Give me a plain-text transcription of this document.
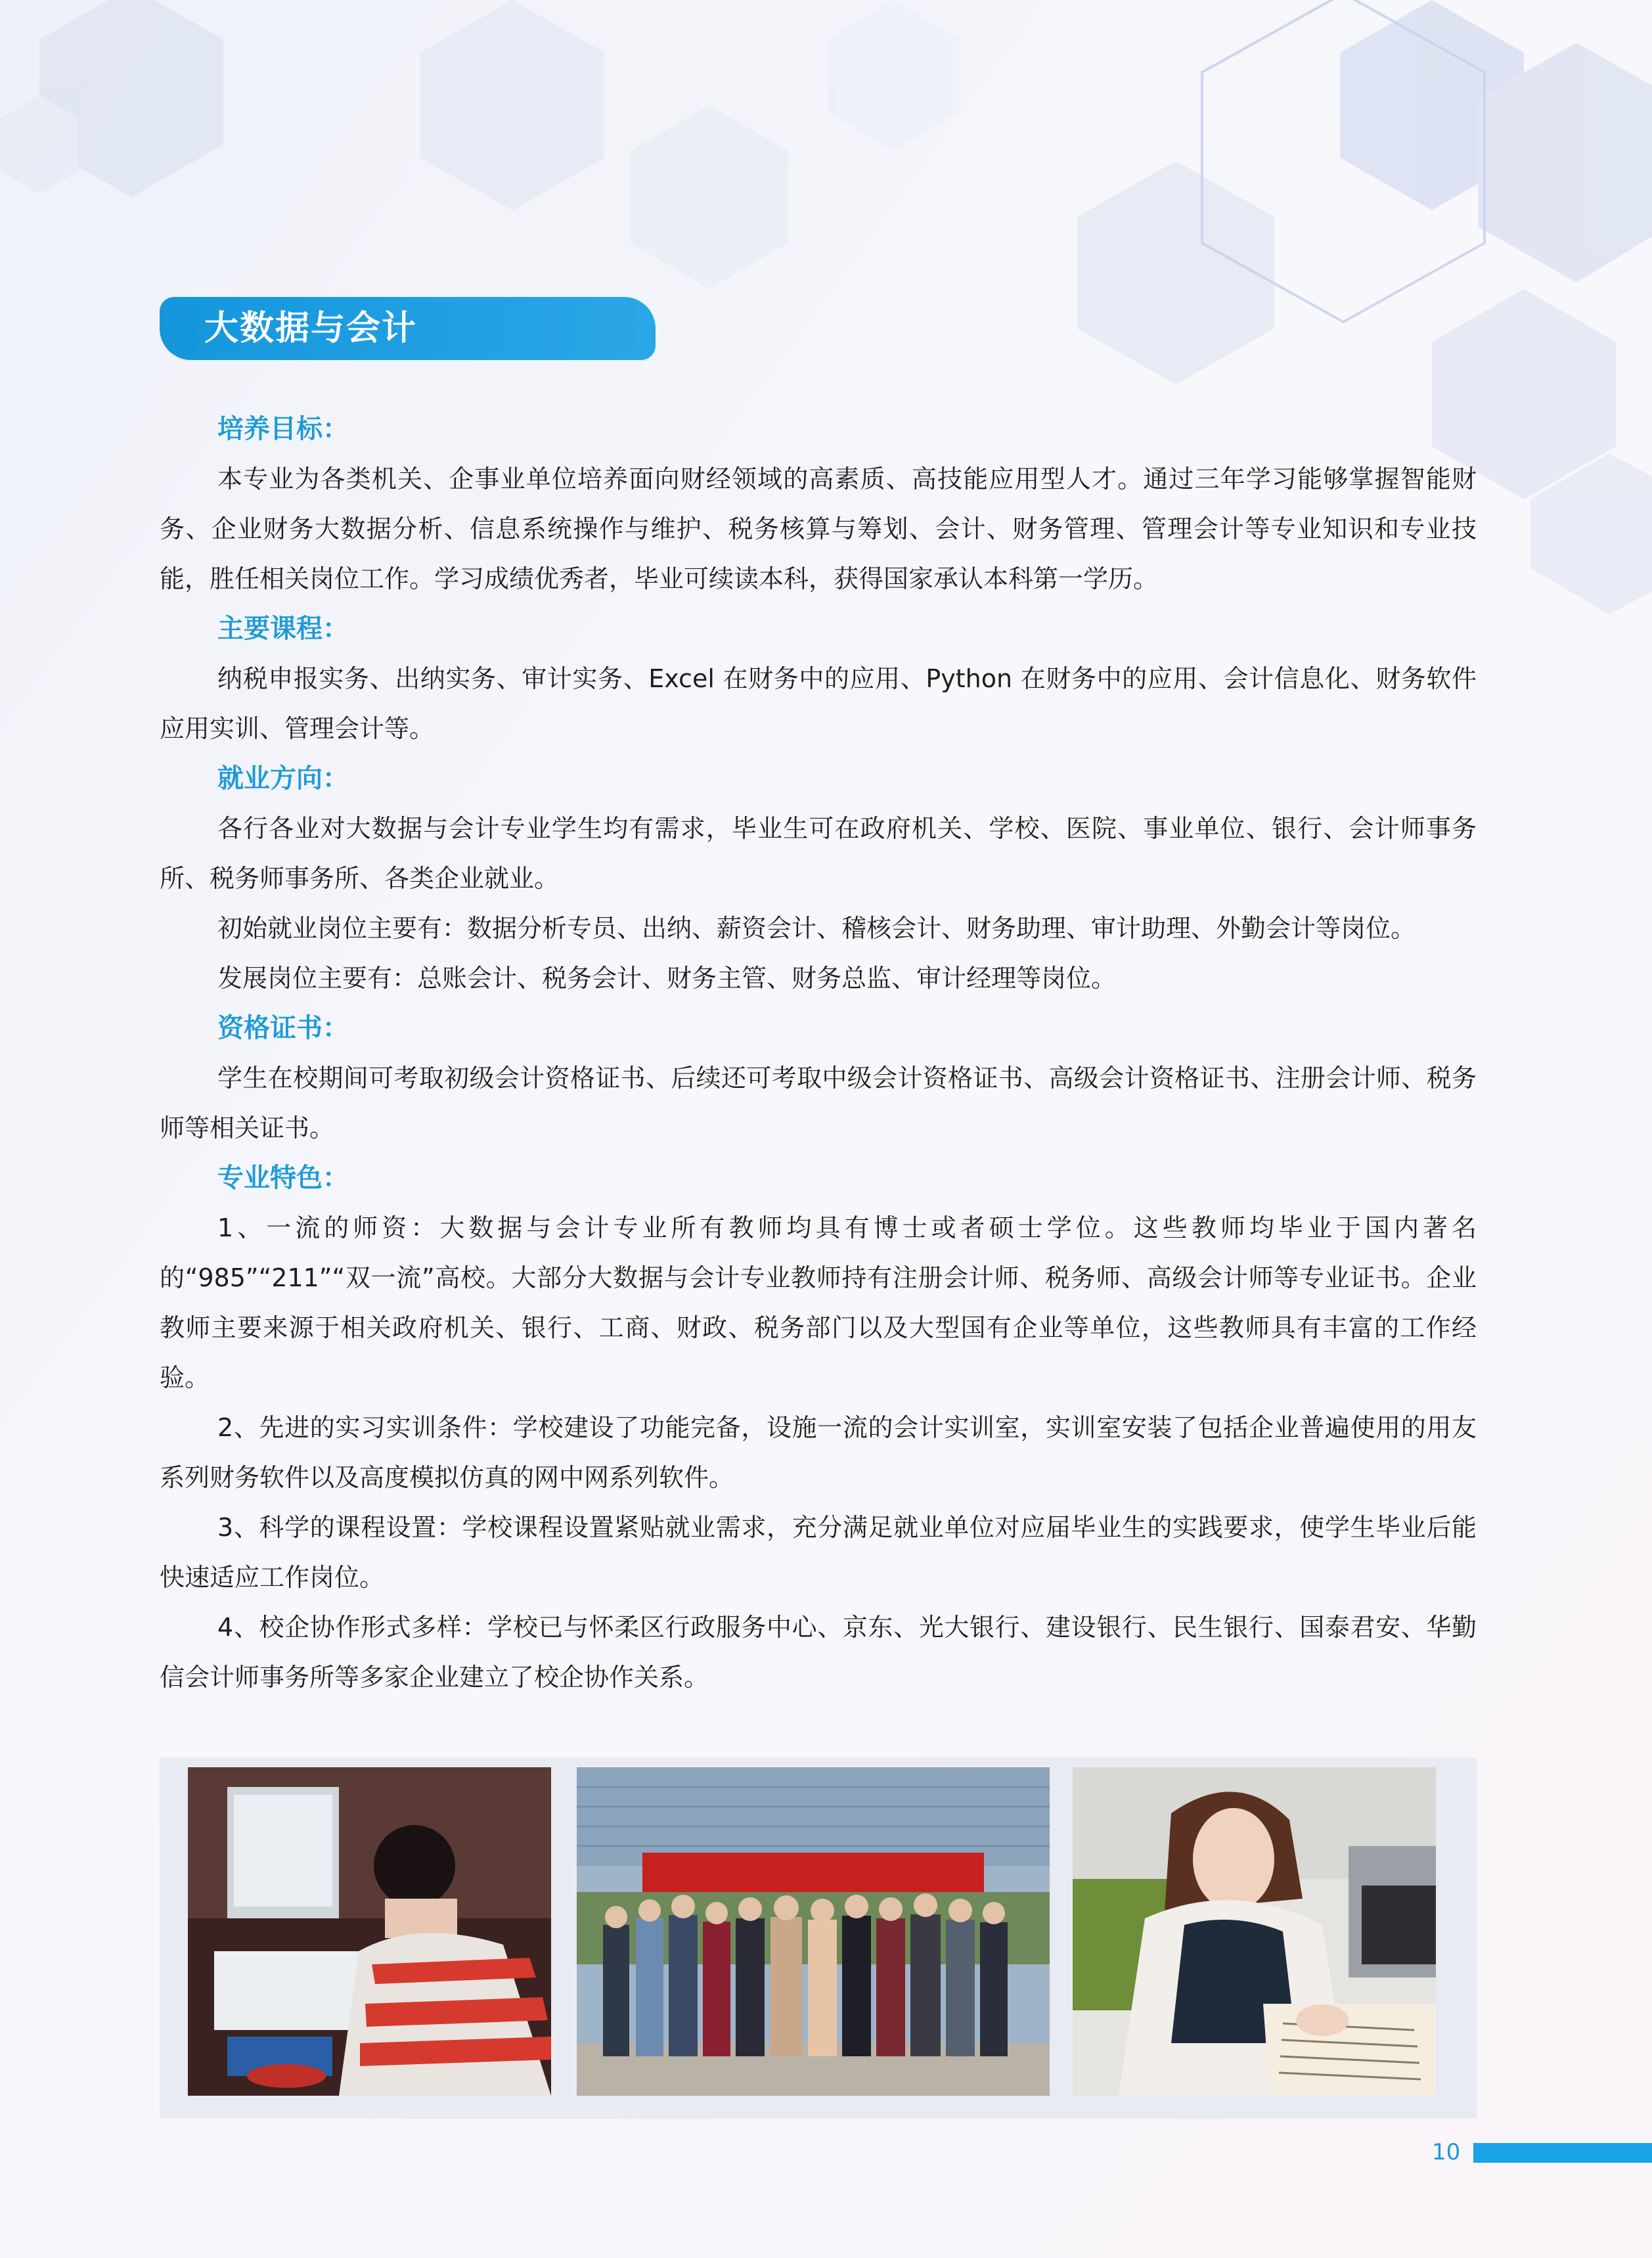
大数据与会计
培养目标：

本专业为各类机关、企事业单位培养面向财经领域的高素质、高技能应用型人才。通过三年学习能够掌握智能财务、企业财务大数据分析、信息系统操作与维护、税务核算与筹划、会计、财务管理、管理会计等专业知识和专业技能，胜任相关岗位工作。学习成绩优秀者，毕业可续读本科，获得国家承认本科第一学历。

主要课程：

纳税申报实务、出纳实务、审计实务、Excel 在财务中的应用、Python 在财务中的应用、会计信息化、财务软件应用实训、管理会计等。

就业方向：

各行各业对大数据与会计专业学生均有需求，毕业生可在政府机关、学校、医院、事业单位、银行、会计师事务所、税务师事务所、各类企业就业。

初始就业岗位主要有：数据分析专员、出纳、薪资会计、稽核会计、财务助理、审计助理、外勤会计等岗位。

发展岗位主要有：总账会计、税务会计、财务主管、财务总监、审计经理等岗位。

资格证书：

学生在校期间可考取初级会计资格证书、后续还可考取中级会计资格证书、高级会计资格证书、注册会计师、税务师等相关证书。

专业特色：

1、一流的师资：大数据与会计专业所有教师均具有博士或者硕士学位。这些教师均毕业于国内著名的“985”“211”“双一流”高校。大部分大数据与会计专业教师持有注册会计师、税务师、高级会计师等专业证书。企业教师主要来源于相关政府机关、银行、工商、财政、税务部门以及大型国有企业等单位，这些教师具有丰富的工作经验。

2、先进的实习实训条件：学校建设了功能完备，设施一流的会计实训室，实训室安装了包括企业普遍使用的用友系列财务软件以及高度模拟仿真的网中网系列软件。

3、科学的课程设置：学校课程设置紧贴就业需求，充分满足就业单位对应届毕业生的实践要求，使学生毕业后能快速适应工作岗位。

4、校企协作形式多样：学校已与怀柔区行政服务中心、京东、光大银行、建设银行、民生银行、国泰君安、华勤信会计师事务所等多家企业建立了校企协作关系。

10
